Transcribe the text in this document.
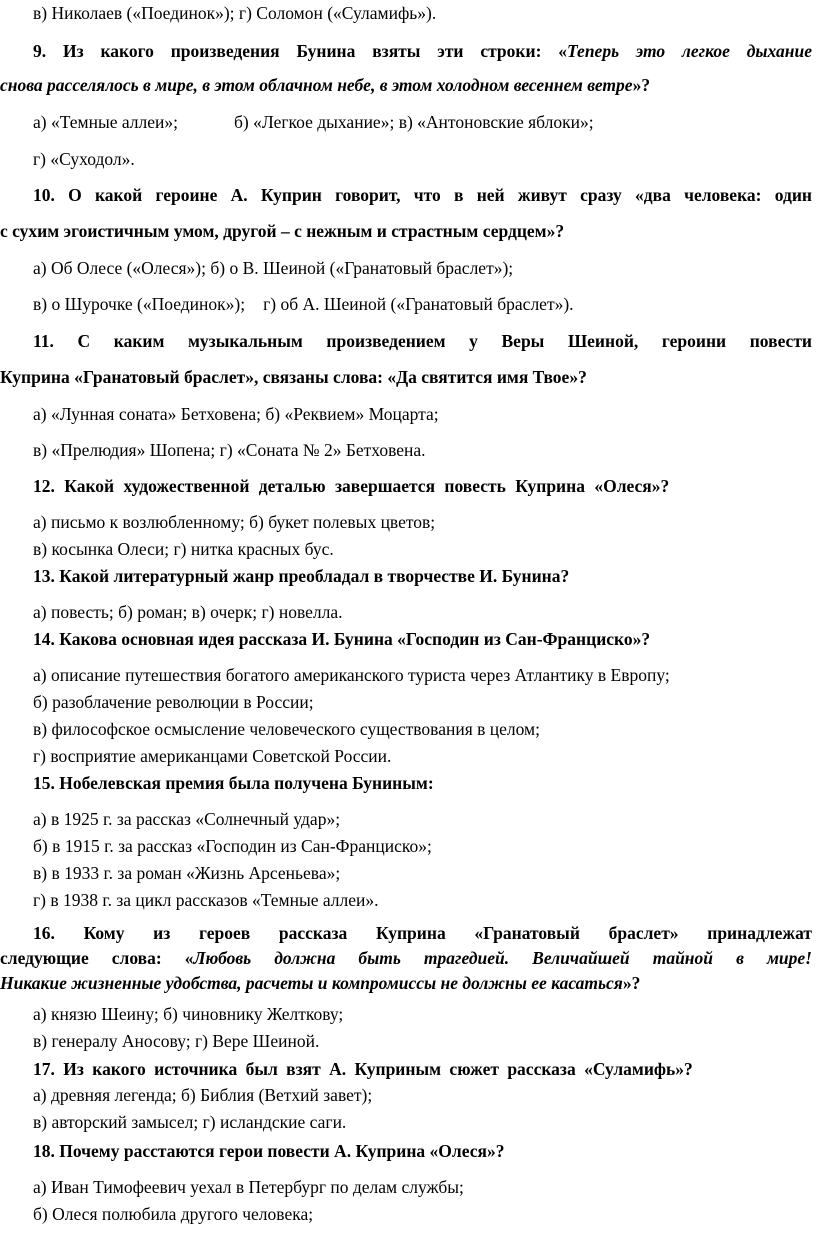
в) Николаев («Поединок»); г) Соломон («Суламифь»).
9. Из какого произведения Бунина взяты эти строки: «Теперь это легкое дыхание
снова расселялось в мире, в этом облачном небе, в этом холодном весеннем ветре»?
а) «Темные аллеи»;	б) «Легкое дыхание»; в) «Антоновские яблоки»;
г) «Суходол».
10. О какой героине А. Куприн говорит, что в ней живут сразу «два человека: один
с сухим эгоистичным умом, другой – с нежным и страстным сердцем»?
а) Об Олесе («Олеся»); б) о В. Шеиной («Гранатовый браслет»);
в) о Шурочке («Поединок»); г) об А. Шеиной («Гранатовый браслет»).
11. С каким музыкальным произведением у Веры Шеиной, героини повести
Куприна «Гранатовый браслет», связаны слова: «Да святится имя Твое»?
а) «Лунная соната» Бетховена; б) «Реквием» Моцарта;
в) «Прелюдия» Шопена; г) «Соната № 2» Бетховена.
12. Какой художественной деталью завершается повесть Куприна «Олеся»?
а) письмо к возлюбленному; б) букет полевых цветов;
в) косынка Олеси; г) нитка красных бус.
13. Какой литературный жанр преобладал в творчестве И. Бунина?
а) повесть; б) роман; в) очерк; г) новелла.
14. Какова основная идея рассказа И. Бунина «Господин из Сан-Франциско»?
а) описание путешествия богатого американского туриста через Атлантику в Европу;
б) разоблачение революции в России;
в) философское осмысление человеческого существования в целом;
г) восприятие американцами Советской России.
15. Нобелевская премия была получена Буниным:
а) в 1925 г. за рассказ «Солнечный удар»;
б) в 1915 г. за рассказ «Господин из Сан-Франциско»;
в) в 1933 г. за роман «Жизнь Арсеньева»;
г) в 1938 г. за цикл рассказов «Темные аллеи».
16. Кому из героев рассказа Куприна «Гранатовый браслет» принадлежат
следующие слова: «Любовь должна быть трагедией. Величайшей тайной в мире!
Никакие жизненные удобства, расчеты и компромиссы не должны ее касаться»?
а) князю Шеину; б) чиновнику Желткову;
в) генералу Аносову; г) Вере Шеиной.
17. Из какого источника был взят А. Куприным сюжет рассказа «Суламифь»?
а) древняя легенда; б) Библия (Ветхий завет);
в) авторский замысел; г) исландские саги.
18. Почему расстаются герои повести А. Куприна «Олеся»?
а) Иван Тимофеевич уехал в Петербург по делам службы;
б) Олеся полюбила другого человека;
